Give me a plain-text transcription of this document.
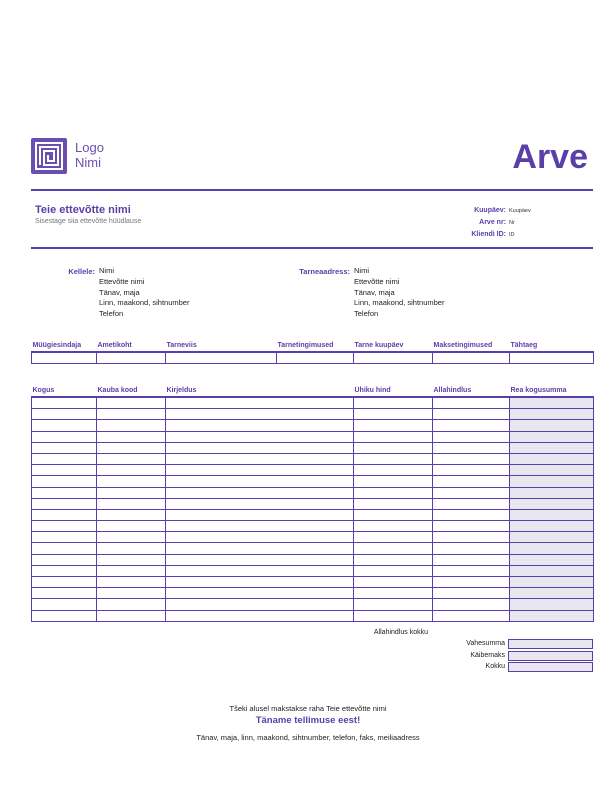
Logo
Nimi	Arve
Teie ettevõtte nimi
Sisestage siia ettevõtte hüüdlause
Kuupäev: Kuupäev
Arve nr: Nr
Kliendi ID: ID
Kellele: Nimi
Ettevõtte nimi
Tänav, maja
Linn, maakond, sihtnumber
Telefon
Tarneaadress: Nimi
Ettevõtte nimi
Tänav, maja
Linn, maakond, sihtnumber
Telefon
Müügiesindaja	Ametikoht	Tarneviis	Tarnetingimused	Tarne kuupäev	Maksetingimused	Tähtaeg

Kogus	Kauba kood	Kirjeldus	Ühiku hind	Allahindlus	Rea kogusumma

Allahindlus kokku
Vahesumma
Käibemaks
Kokku
Tšeki alusel makstakse raha Teie ettevõtte nimi
Täname tellimuse eest!
Tänav, maja, linn, maakond, sihtnumber, telefon, faks, meiliaadress
